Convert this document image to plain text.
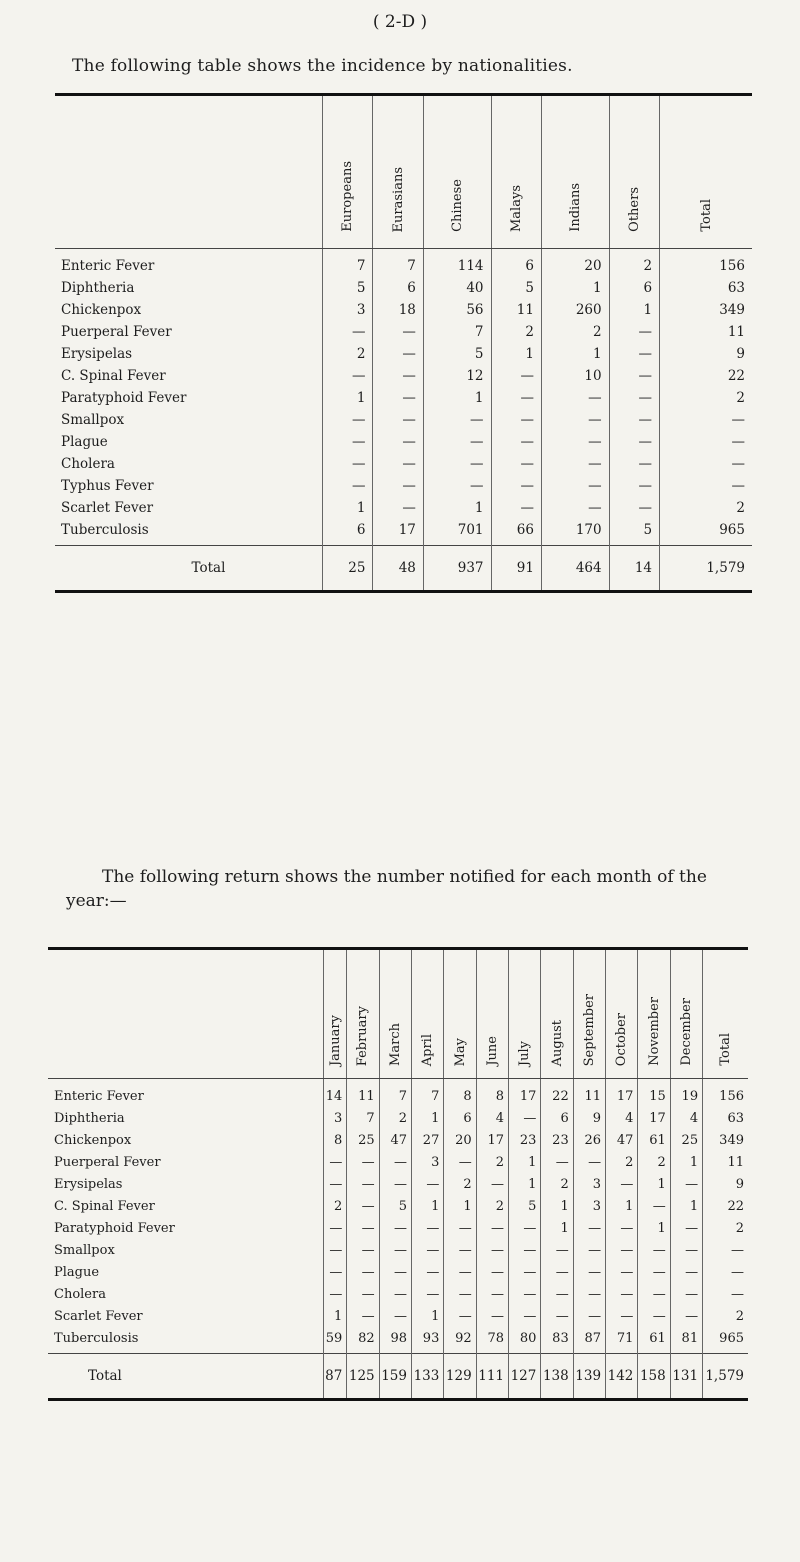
( 2-D )
The following table shows the incidence by nationalities.
	Europeans	Eurasians	Chinese	Malays	Indians	Others	Total
Enteric Fever	7	7	114	6	20	2	156
Diphtheria	5	6	40	5	1	6	63
Chickenpox	3	18	56	11	260	1	349
Puerperal Fever	—	—	7	2	2	—	11
Erysipelas	2	—	5	1	1	—	9
C. Spinal Fever	—	—	12	—	10	—	22
Paratyphoid Fever	1	—	1	—	—	—	2
Smallpox	—	—	—	—	—	—	—
Plague	—	—	—	—	—	—	—
Cholera	—	—	—	—	—	—	—
Typhus Fever	—	—	—	—	—	—	—
Scarlet Fever	1	—	1	—	—	—	2
Tuberculosis	6	17	701	66	170	5	965
Total	25	48	937	91	464	14	1,579
The following return shows the number notified for each month of the year:—
	January	February	March	April	May	June	July	August	September	October	November	December	Total
Enteric Fever	14	11	7	7	8	8	17	22	11	17	15	19	156
Diphtheria	3	7	2	1	6	4	—	6	9	4	17	4	63
Chickenpox	8	25	47	27	20	17	23	23	26	47	61	25	349
Puerperal Fever	—	—	—	3	—	2	1	—	—	2	2	1	11
Erysipelas	—	—	—	—	2	—	1	2	3	—	1	—	9
C. Spinal Fever	2	—	5	1	1	2	5	1	3	1	—	1	22
Paratyphoid Fever	—	—	—	—	—	—	—	1	—	—	1	—	2
Smallpox	—	—	—	—	—	—	—	—	—	—	—	—	—
Plague	—	—	—	—	—	—	—	—	—	—	—	—	—
Cholera	—	—	—	—	—	—	—	—	—	—	—	—	—
Scarlet Fever	1	—	—	1	—	—	—	—	—	—	—	—	2
Tuberculosis	59	82	98	93	92	78	80	83	87	71	61	81	965
Total	87	125	159	133	129	111	127	138	139	142	158	131	1,579
